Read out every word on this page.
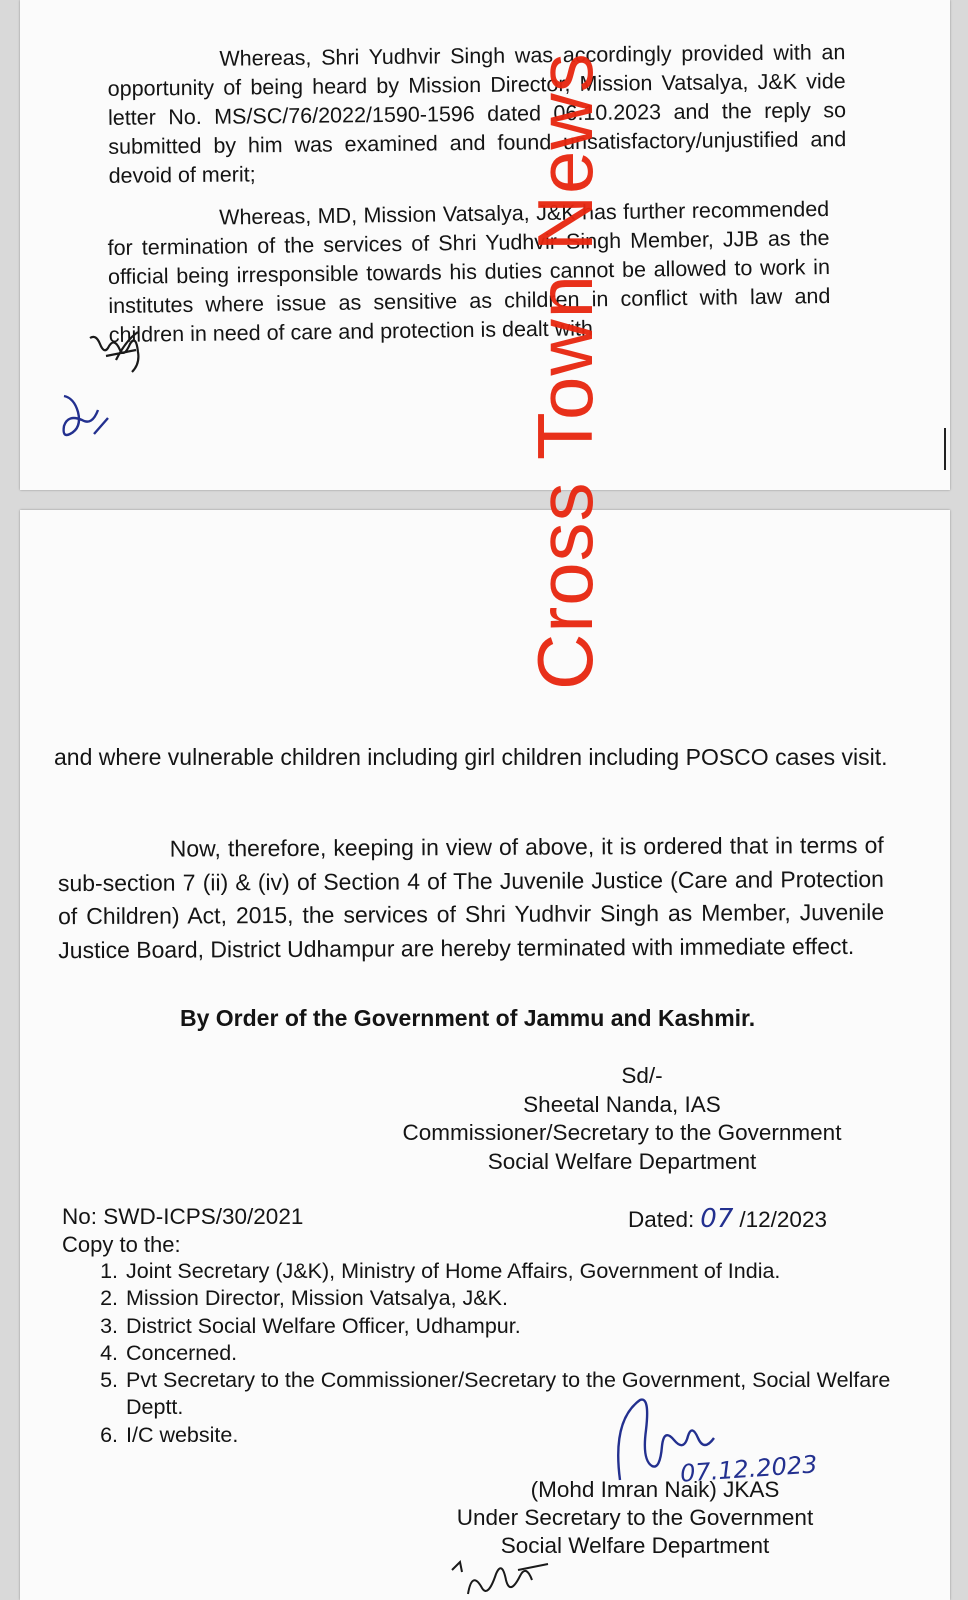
Whereas, Shri Yudhvir Singh was accordingly provided with an opportunity of being heard by Mission Director, Mission Vatsalya, J&K vide letter No. MS/SC/76/2022/1590-1596 dated 06.10.2023 and the reply so submitted by him was examined and found unsatisfactory/unjustified and devoid of merit;

Whereas, MD, Mission Vatsalya, J&K has further recommended for termination of the services of Shri Yudhvir Singh Member, JJB as the official being irresponsible towards his duties cannot be allowed to work in institutes where issue as sensitive as children in conflict with law and children in need of care and protection is dealt with

and where vulnerable children including girl children including POSCO cases visit.

Now, therefore, keeping in view of above, it is ordered that in terms of sub-section 7 (ii) & (iv) of Section 4 of The Juvenile Justice (Care and Protection of Children) Act, 2015, the services of Shri Yudhvir Singh as Member, Juvenile Justice Board, District Udhampur are hereby terminated with immediate effect.

By Order of the Government of Jammu and Kashmir.
Sd/-
Sheetal Nanda, IAS
Commissioner/Secretary to the Government
Social Welfare Department
No: SWD-ICPS/30/2021	Dated: 07 /12/2023
Copy to the:
1. Joint Secretary (J&K), Ministry of Home Affairs, Government of India.
2. Mission Director, Mission Vatsalya, J&K.
3. District Social Welfare Officer, Udhampur.
4. Concerned.
5. Pvt Secretary to the Commissioner/Secretary to the Government, Social Welfare Deptt.
6. I/C website.
07.12.2023
(Mohd Imran Naik) JKAS
Under Secretary to the Government
Social Welfare Department
Cross Town News
